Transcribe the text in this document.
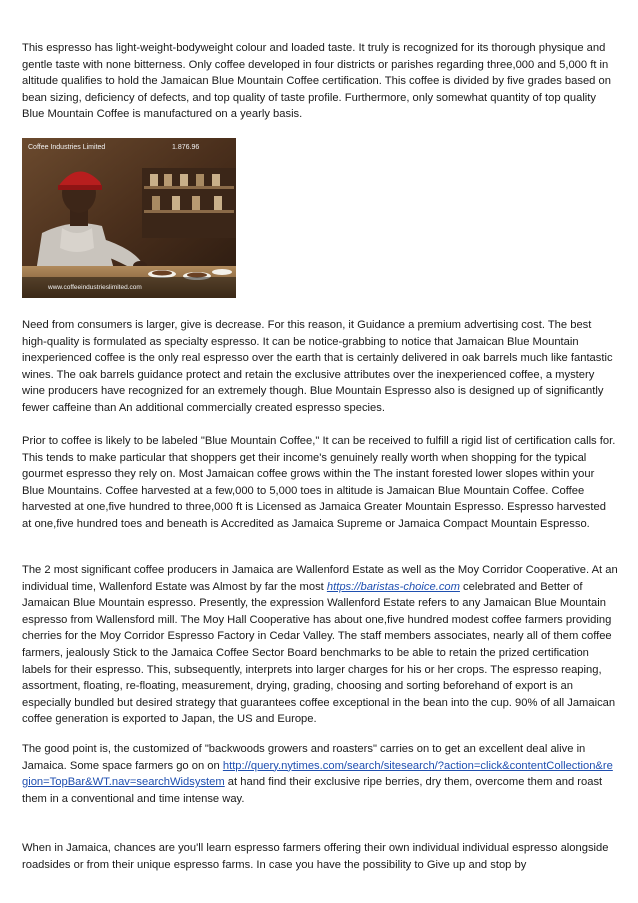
This espresso has light-weight-bodyweight colour and loaded taste. It truly is recognized for its thorough physique and gentle taste with none bitterness. Only coffee developed in four districts or parishes regarding three,000 and 5,000 ft in altitude qualifies to hold the Jamaican Blue Mountain Coffee certification. This coffee is divided by five grades based on bean sizing, deficiency of defects, and top quality of taste profile. Furthermore, only somewhat quantity of top quality Blue Mountain Coffee is manufactured on a yearly basis.

Coffee Industries Limited	1.876.96
www.coffeeindustrieslimited.com

Need from consumers is larger, give is decrease. For this reason, it Guidance a premium advertising cost. The best high-quality is formulated as specialty espresso. It can be notice-grabbing to notice that Jamaican Blue Mountain inexperienced coffee is the only real espresso over the earth that is certainly delivered in oak barrels much like fantastic wines. The oak barrels guidance protect and retain the exclusive attributes over the inexperienced coffee, a mystery wine producers have recognized for an extremely though. Blue Mountain Espresso also is designed up of significantly fewer caffeine than An additional commercially created espresso species.

Prior to coffee is likely to be labeled "Blue Mountain Coffee," It can be received to fulfill a rigid list of certification calls for. This tends to make particular that shoppers get their income's genuinely really worth when shopping for the typical gourmet espresso they rely on. Most Jamaican coffee grows within the The instant forested lower slopes within your Blue Mountains. Coffee harvested at a few,000 to 5,000 toes in altitude is Jamaican Blue Mountain Coffee. Coffee harvested at one,five hundred to three,000 ft is Licensed as Jamaica Greater Mountain Espresso. Espresso harvested at one,five hundred toes and beneath is Accredited as Jamaica Supreme or Jamaica Compact Mountain Espresso.

The 2 most significant coffee producers in Jamaica are Wallenford Estate as well as the Moy Corridor Cooperative. At an individual time, Wallenford Estate was Almost by far the most https://baristas-choice.com celebrated and Better of Jamaican Blue Mountain espresso. Presently, the expression Wallenford Estate refers to any Jamaican Blue Mountain espresso from Wallensford mill. The Moy Hall Cooperative has about one,five hundred modest coffee farmers providing cherries for the Moy Corridor Espresso Factory in Cedar Valley. The staff members associates, nearly all of them coffee farmers, jealously Stick to the Jamaica Coffee Sector Board benchmarks to be able to retain the prized certification labels for their espresso. This, subsequently, interprets into larger charges for his or her crops. The espresso reaping, assortment, floating, re-floating, measurement, drying, grading, choosing and sorting beforehand of export is an especially bundled but desired strategy that guarantees coffee exceptional in the bean into the cup. 90% of all Jamaican coffee generation is exported to Japan, the US and Europe.

The good point is, the customized of "backwoods growers and roasters" carries on to get an excellent deal alive in Jamaica. Some space farmers go on on http://query.nytimes.com/search/sitesearch/?action=click&contentCollection&region=TopBar&WT.nav=searchWidsystem at hand find their exclusive ripe berries, dry them, overcome them and roast them in a conventional and time intense way.

When in Jamaica, chances are you'll learn espresso farmers offering their own individual individual espresso alongside roadsides or from their unique espresso farms. In case you have the possibility to Give up and stop by
